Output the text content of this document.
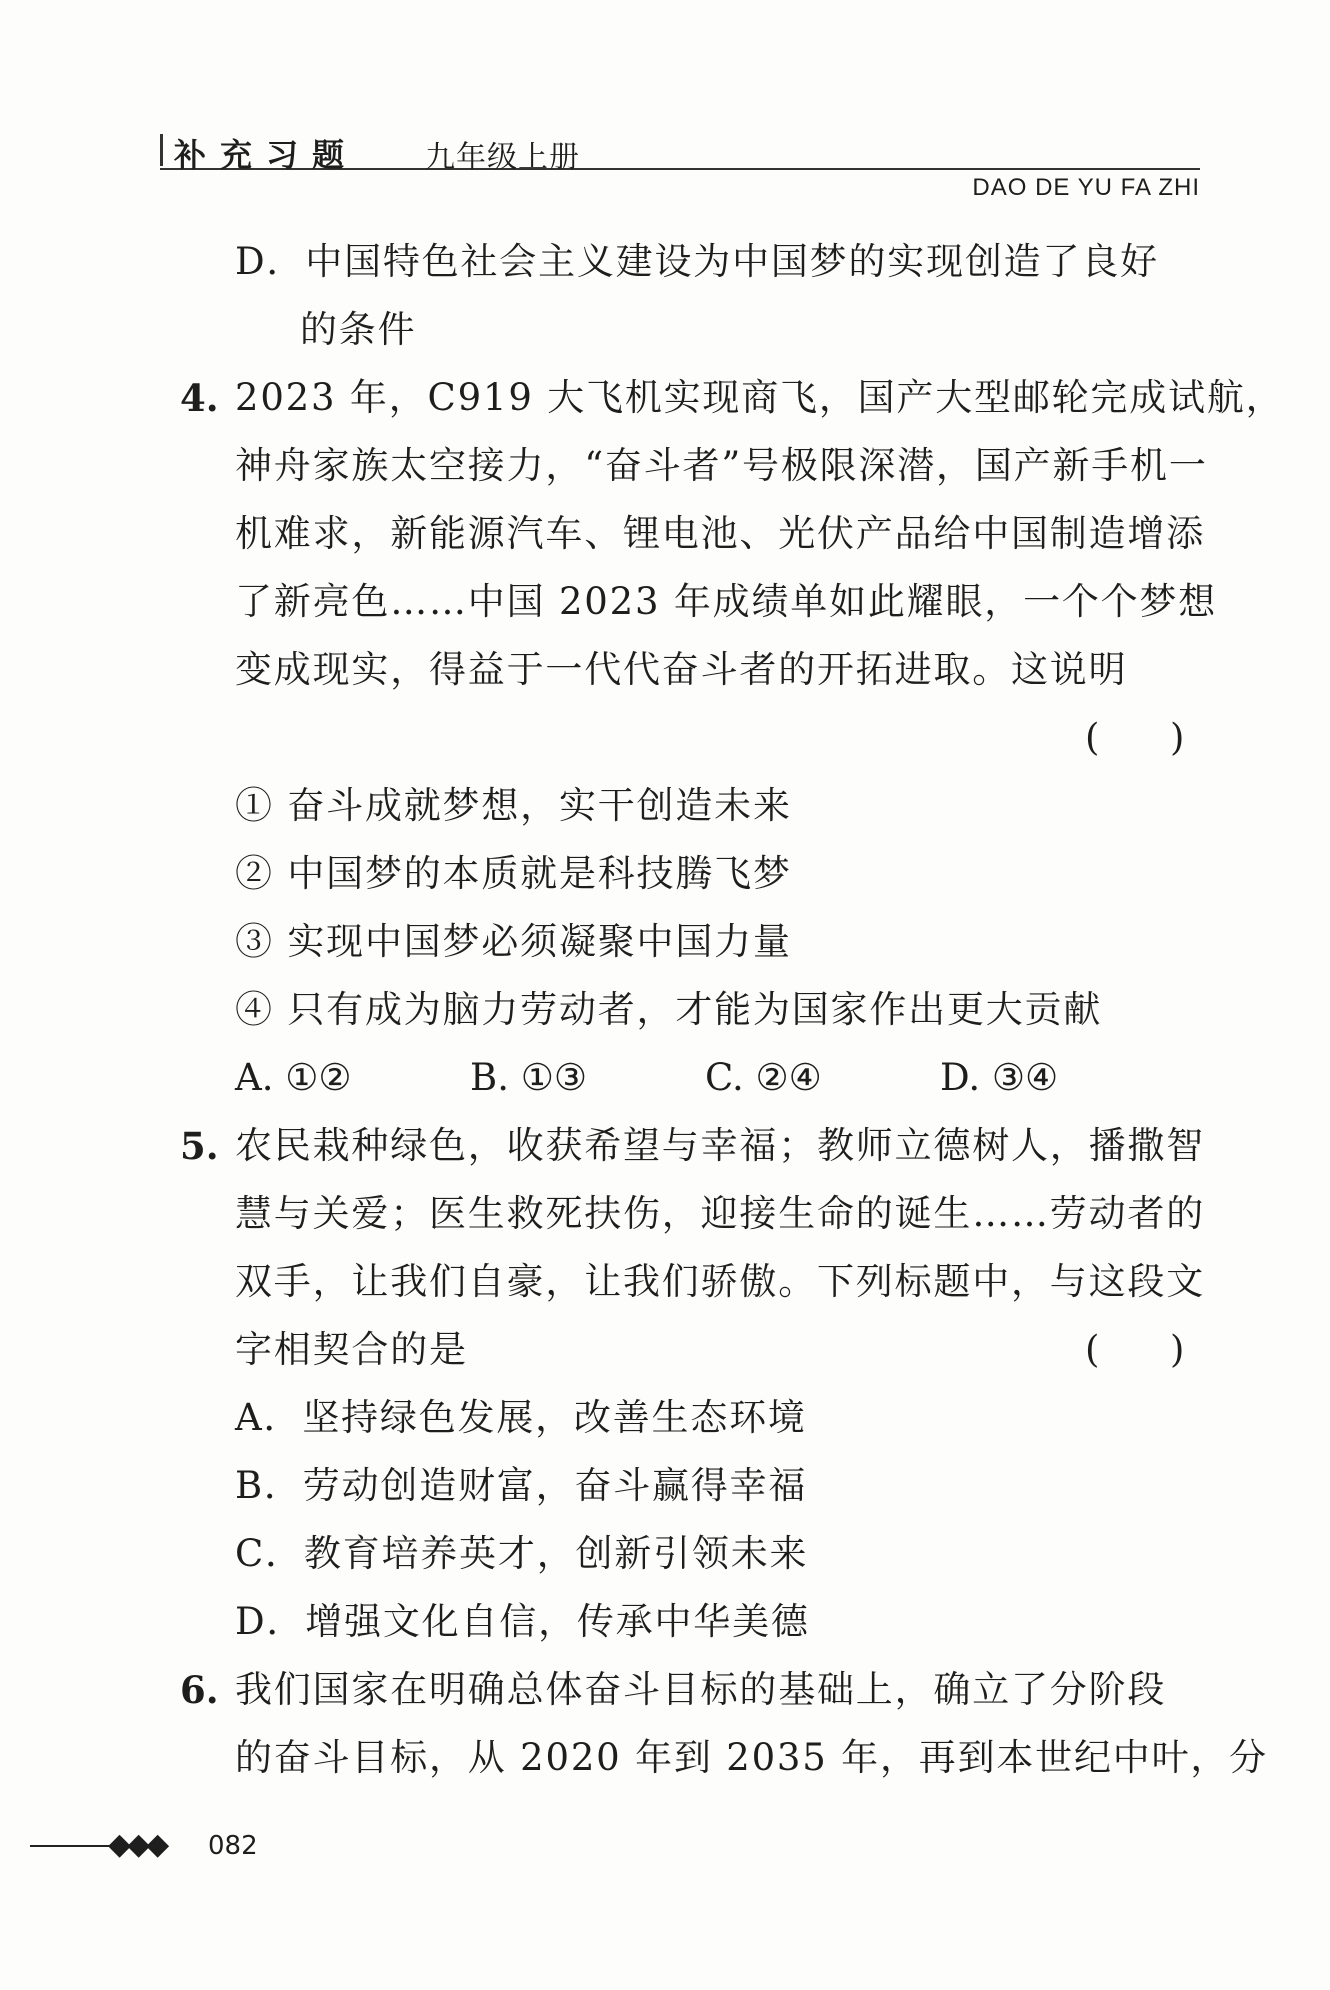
补充习题 九年级上册
DAO DE YU FA ZHI
D．中国特色社会主义建设为中国梦的实现创造了良好
的条件
4. 2023 年，C919 大飞机实现商飞，国产大型邮轮完成试航，
神舟家族太空接力，“奋斗者”号极限深潜，国产新手机一
机难求，新能源汽车、锂电池、光伏产品给中国制造增添
了新亮色……中国 2023 年成绩单如此耀眼，一个个梦想
变成现实，得益于一代代奋斗者的开拓进取。这说明
(      )
① 奋斗成就梦想，实干创造未来
② 中国梦的本质就是科技腾飞梦
③ 实现中国梦必须凝聚中国力量
④ 只有成为脑力劳动者，才能为国家作出更大贡献
A. ①②	B. ①③	C. ②④	D. ③④
5. 农民栽种绿色，收获希望与幸福；教师立德树人，播撒智
慧与关爱；医生救死扶伤，迎接生命的诞生……劳动者的
双手，让我们自豪，让我们骄傲。下列标题中，与这段文
字相契合的是	(      )
A．坚持绿色发展，改善生态环境
B．劳动创造财富，奋斗赢得幸福
C．教育培养英才，创新引领未来
D．增强文化自信，传承中华美德
6. 我们国家在明确总体奋斗目标的基础上，确立了分阶段
的奋斗目标，从 2020 年到 2035 年，再到本世纪中叶，分
◆◆◆ 082
